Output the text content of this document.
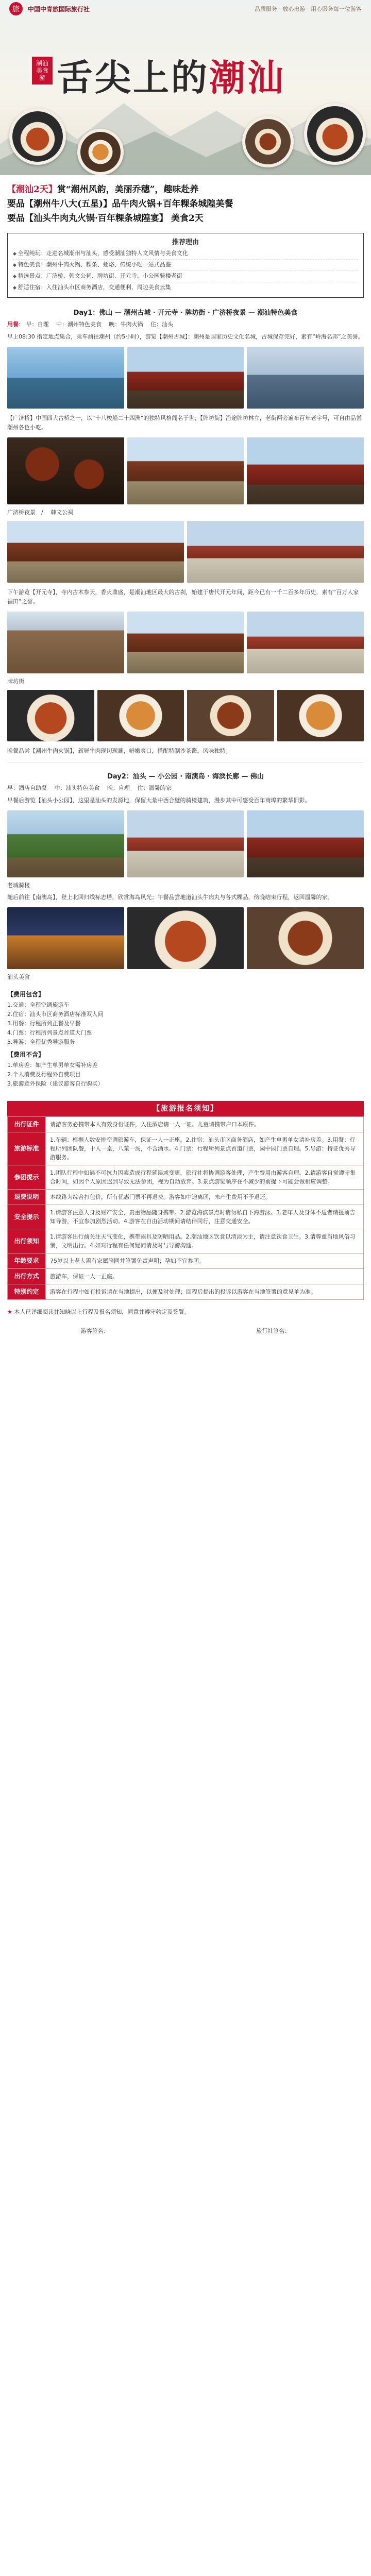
旅	中国中青旅国际旅行社	品质服务 · 放心出游 · 用心服务每一位游客
潮汕美食游 舌尖上的潮汕
【潮汕2天】赏“潮州风韵，美丽乔穗”，趣味赴养
要品【潮州牛八大(五星)】品牛肉火锅+百年粿条城隍美餐
要品【汕头牛肉丸火锅·百年粿条城隍宴】 美食2天
推荐理由
◆ 全程纯玩：走进名城潮州与汕头，感受潮汕独特人文风情与美食文化
◆ 特色美食：潮州牛肉火锅、粿条、蚝烙、传统小吃一站式品鉴
◆ 精选景点：广济桥、韩文公祠、牌坊街、开元寺、小公园骑楼老街
◆ 舒适住宿：入住汕头市区商务酒店，交通便利，周边美食云集
Day1：佛山 — 潮州古城 · 开元寺 · 牌坊街 · 广济桥夜景 — 潮汕特色美食
用餐： 早：自理　 中：潮州特色美食　 晚：牛肉火锅　 住：汕头
早上08:30 指定地点集合，乘车前往潮州（约5小时），游览【潮州古城】：潮州是国家历史文化名城，古城保存完好，素有“岭海名邦”之美誉。
【广济桥】中国四大古桥之一，以“十八梭船二十四洲”的独特风格闻名于世；【牌坊街】沿途牌坊林立，老街两旁遍布百年老字号，可自由品尝潮州各色小吃。
广济桥夜景　/　 韩文公祠
下午游览【开元寺】，寺内古木参天，香火鼎盛，是潮汕地区最大的古刹，始建于唐代开元年间，距今已有一千二百多年历史，素有“百万人家福田”之誉。
牌坊街
晚餐品尝【潮州牛肉火锅】，新鲜牛肉现切现涮，鲜嫩爽口，搭配特制沙茶酱，风味独特。
Day2：汕头 — 小公园 · 南澳岛 · 海滨长廊 — 佛山
早：酒店自助餐　 中：汕头特色美食　 晚：自理　 住：温馨的家
早餐后游览【汕头小公园】，这里是汕头的发源地，保留大量中西合璧的骑楼建筑，漫步其中可感受百年商埠的繁华旧影。
老城骑楼
随后前往【南澳岛】，登上北回归线标志塔，欣赏海岛风光；午餐品尝地道汕头牛肉丸与各式粿品，傍晚结束行程，返回温馨的家。
汕头美食
【费用包含】
1.交通：全程空调旅游车
2.住宿：汕头市区商务酒店标准双人间
3.用餐：行程所列正餐及早餐
4.门票：行程所列景点首道大门票
5.导游：全程优秀导游服务
【费用不含】
1.单房差：如产生单男单女需补房差
2.个人消费及行程外自费项目
3.旅游意外保险（建议游客自行购买）
【旅游报名须知】
出行证件	请游客务必携带本人有效身份证件，入住酒店请一人一证。儿童请携带户口本原件。
旅游标准	1.车辆：根据人数安排空调旅游车，保证一人一正座。2.住宿：汕头市区商务酒店，如产生单男单女请补房差。3.用餐：行程所列团队餐，十人一桌，八菜一汤，不含酒水。4.门票：行程所列景点首道门票，园中园门票自理。5.导游：持证优秀导游服务。
参团提示	1.团队行程中如遇不可抗力因素造成行程延误或变更，旅行社将协调游客处理，产生费用由游客自理。2.请游客自觉遵守集合时间，如因个人原因迟到导致无法参团，视为自动放弃。3.景点游览顺序在不减少的前提下可能会做相应调整。
退费说明	本线路为综合打包价，所有优惠门票不再退费。游客如中途离团，未产生费用不予退还。
安全提示	1.请游客注意人身及财产安全，贵重物品随身携带。2.游览海滨景点时请勿私自下海游泳。3.老年人及身体不适者请提前告知导游，不宜参加剧烈活动。4.游客在自由活动期间请结伴同行，注意交通安全。
出行须知	1.请游客出行前关注天气变化，携带雨具及防晒用品。2.潮汕地区饮食以清淡为主，请注意饮食卫生。3.请尊重当地风俗习惯，文明出行。4.如对行程有任何疑问请及时与导游沟通。
年龄要求	75岁以上老人需有家属陪同并签署免责声明；孕妇不宜参团。
出行方式	旅游车，保证一人一正座。
特别约定	游客在行程中如有投诉请在当地提出，以便及时处理；回程后提出的投诉以游客在当地签署的意见单为准。
★ 本人已详细阅读并知晓以上行程及报名须知，同意并遵守约定及签署。
游客签名：	旅行社签名：
